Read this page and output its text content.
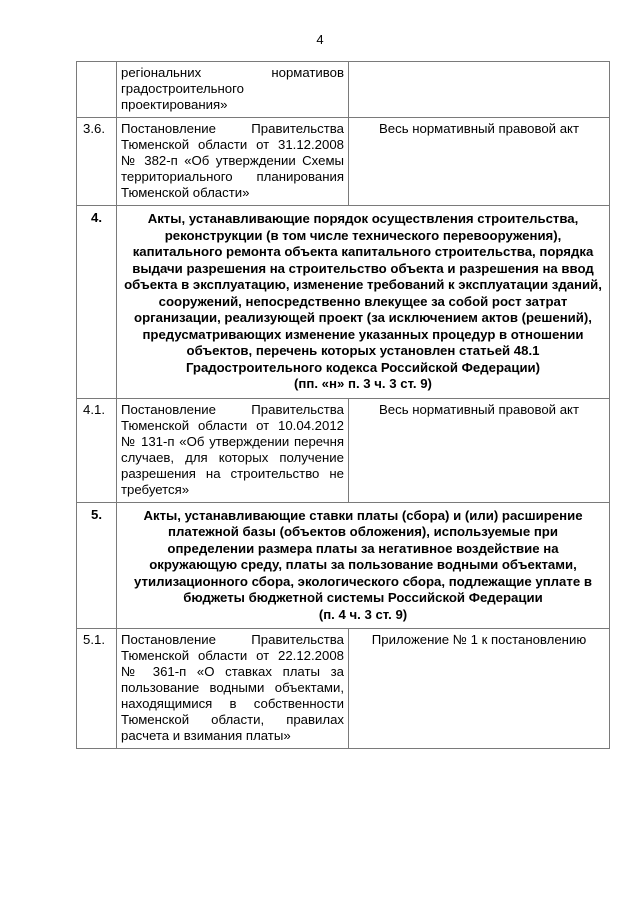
4
	регіональних нормативов градостроительного проектирования»	
3.6.	Постановление Правительства Тюменской области от 31.12.2008 № 382-п «Об утверждении Схемы территориального планирования Тюменской области»	Весь нормативный правовой акт
4.	Акты, устанавливающие порядок осуществления строительства, реконструкции (в том числе технического перевооружения), капитального ремонта объекта капитального строительства, порядка выдачи разрешения на строительство объекта и разрешения на ввод объекта в эксплуатацию, изменение требований к эксплуатации зданий, сооружений, непосредственно влекущее за собой рост затрат организации, реализующей проект (за исключением актов (решений), предусматривающих изменение указанных процедур в отношении объектов, перечень которых установлен статьей 48.1 Градостроительного кодекса Российской Федерации)
(пп. «н» п. 3 ч. 3 ст. 9)	
4.1.	Постановление Правительства Тюменской области от 10.04.2012 № 131-п «Об утверждении перечня случаев, для которых получение разрешения на строительство не требуется»	Весь нормативный правовой акт
5.	Акты, устанавливающие ставки платы (сбора) и (или) расширение платежной базы (объектов обложения), используемые при определении размера платы за негативное воздействие на окружающую среду, платы за пользование водными объектами, утилизационного сбора, экологического сбора, подлежащие уплате в бюджеты бюджетной системы Российской Федерации
(п. 4 ч. 3 ст. 9)	
5.1.	Постановление Правительства Тюменской области от 22.12.2008 № 361-п «О ставках платы за пользование водными объектами, находящимися в собственности Тюменской области, правилах расчета и взимания платы»	Приложение № 1 к постановлению
